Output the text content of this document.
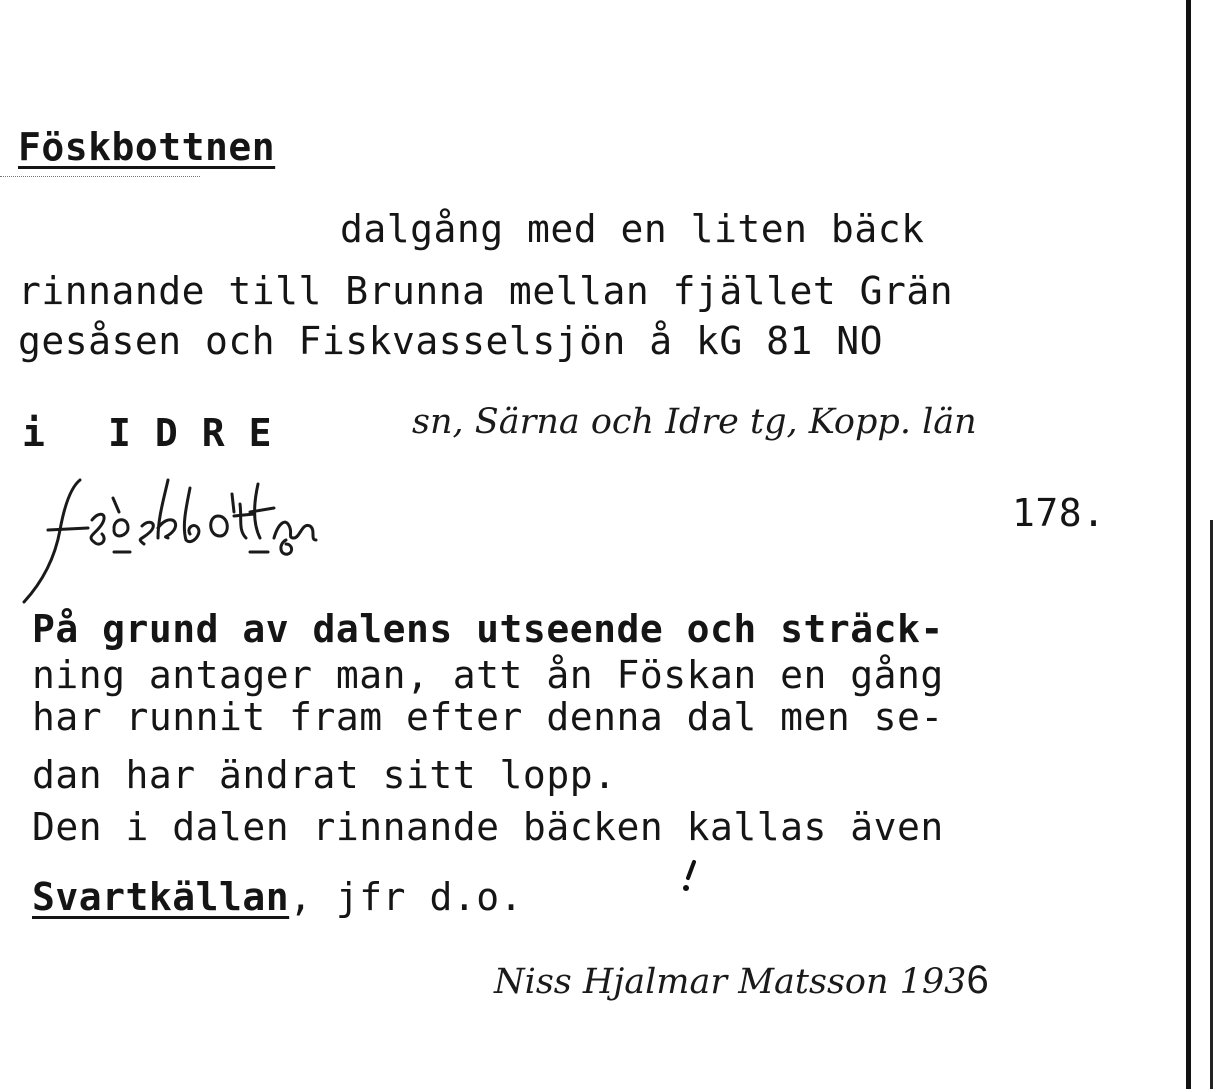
Föskbottnen
dalgång med en liten bäck
rinnande till Brunna mellan fjället Grän
gesåsen och Fiskvasselsjön å kG 81 NO
i IDRE	sn, Särna och Idre tg, Kopp. län
178.
På grund av dalens utseende och sträck-
ning antager man, att ån Föskan en gång
har runnit fram efter denna dal men se-
dan har ändrat sitt lopp.
Den i dalen rinnande bäcken kallas även
Svartkällan, jfr d.o.
Niss Hjalmar Matsson 1936
